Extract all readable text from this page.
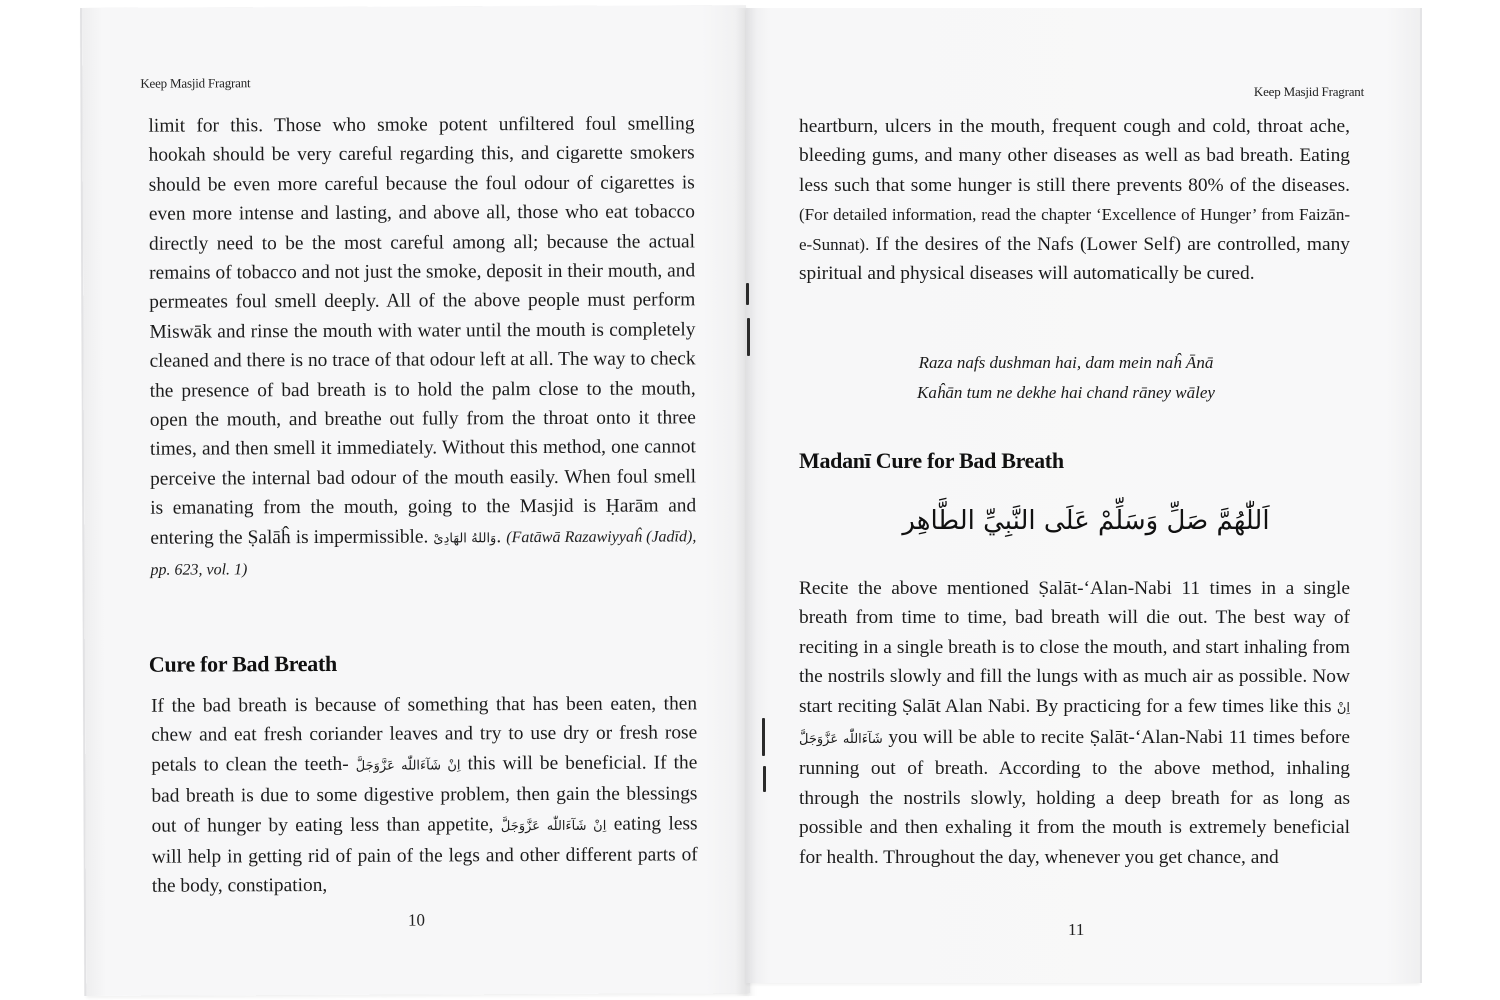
Keep Masjid Fragrant

limit for this. Those who smoke potent unfiltered foul smelling hookah should be very careful regarding this, and cigarette smokers should be even more careful because the foul odour of cigarettes is even more intense and lasting, and above all, those who eat tobacco directly need to be the most careful among all; because the actual remains of tobacco and not just the smoke, deposit in their mouth, and permeates foul smell deeply. All of the above people must perform Miswāk and rinse the mouth with water until the mouth is completely cleaned and there is no trace of that odour left at all. The way to check the presence of bad breath is to hold the palm close to the mouth, open the mouth, and breathe out fully from the throat onto it three times, and then smell it immediately. Without this method, one cannot perceive the internal bad odour of the mouth easily. When foul smell is emanating from the mouth, going to the Masjid is Ḥarām and entering the Ṣalāĥ is impermissible. وَاللهُ الهَادِىْ. (Fatāwā Razawiyyaĥ (Jadīd), pp. 623, vol. 1)

Cure for Bad Breath

If the bad breath is because of something that has been eaten, then chew and eat fresh coriander leaves and try to use dry or fresh rose petals to clean the teeth- اِنْ شَآءَاللّٰه عَزَّوَجَلَّ this will be beneficial. If the bad breath is due to some digestive problem, then gain the blessings out of hunger by eating less than appetite, اِنْ شَآءَاللّٰه عَزَّوَجَلَّ eating less will help in getting rid of pain of the legs and other different parts of the body, constipation,

10
Keep Masjid Fragrant

heartburn, ulcers in the mouth, frequent cough and cold, throat ache, bleeding gums, and many other diseases as well as bad breath. Eating less such that some hunger is still there prevents 80% of the diseases. (For detailed information, read the chapter ‘Excellence of Hunger’ from Faizān-e-Sunnat). If the desires of the Nafs (Lower Self) are controlled, many spiritual and physical diseases will automatically be cured.

Raza nafs dushman hai, dam mein naĥ Ānā
Kaĥān tum ne dekhe hai chand rāney wāley
Madanī Cure for Bad Breath
اَللّٰهُمَّ صَلِّ وَسَلِّمْ عَلَى النَّبِيِّ الطَّاهِر

Recite the above mentioned Ṣalāt-‘Alan-Nabi 11 times in a single breath from time to time, bad breath will die out. The best way of reciting in a single breath is to close the mouth, and start inhaling from the nostrils slowly and fill the lungs with as much air as possible. Now start reciting Ṣalāt Alan Nabi. By practicing for a few times like this اِنْ شَآءَاللّٰه عَزَّوَجَلَّ you will be able to recite Ṣalāt-‘Alan-Nabi 11 times before running out of breath. According to the above method, inhaling through the nostrils slowly, holding a deep breath for as long as possible and then exhaling it from the mouth is extremely beneficial for health. Throughout the day, whenever you get chance, and

11
